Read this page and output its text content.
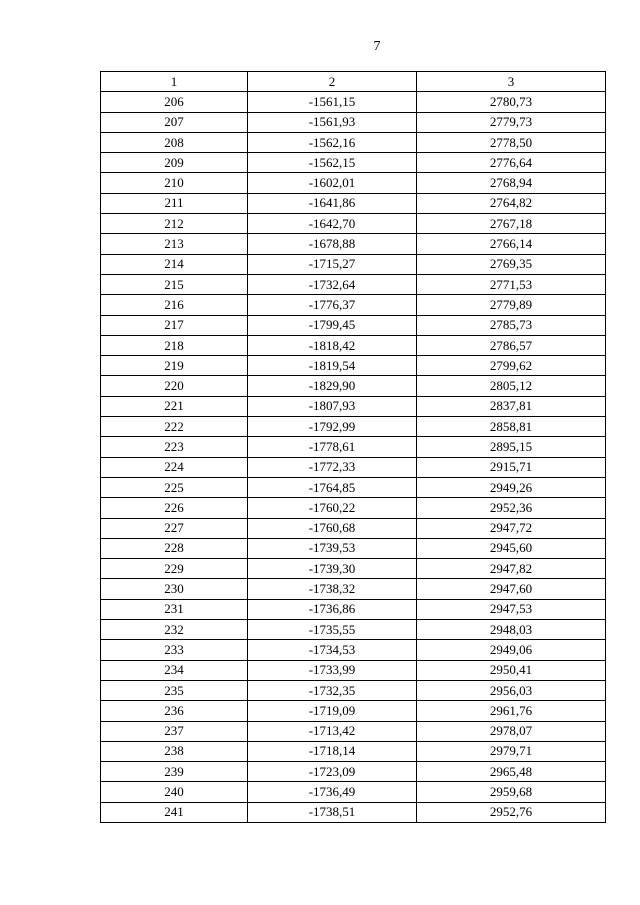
7
1	2	3
206	-1561,15	2780,73
207	-1561,93	2779,73
208	-1562,16	2778,50
209	-1562,15	2776,64
210	-1602,01	2768,94
211	-1641,86	2764,82
212	-1642,70	2767,18
213	-1678,88	2766,14
214	-1715,27	2769,35
215	-1732,64	2771,53
216	-1776,37	2779,89
217	-1799,45	2785,73
218	-1818,42	2786,57
219	-1819,54	2799,62
220	-1829,90	2805,12
221	-1807,93	2837,81
222	-1792,99	2858,81
223	-1778,61	2895,15
224	-1772,33	2915,71
225	-1764,85	2949,26
226	-1760,22	2952,36
227	-1760,68	2947,72
228	-1739,53	2945,60
229	-1739,30	2947,82
230	-1738,32	2947,60
231	-1736,86	2947,53
232	-1735,55	2948,03
233	-1734,53	2949,06
234	-1733,99	2950,41
235	-1732,35	2956,03
236	-1719,09	2961,76
237	-1713,42	2978,07
238	-1718,14	2979,71
239	-1723,09	2965,48
240	-1736,49	2959,68
241	-1738,51	2952,76
